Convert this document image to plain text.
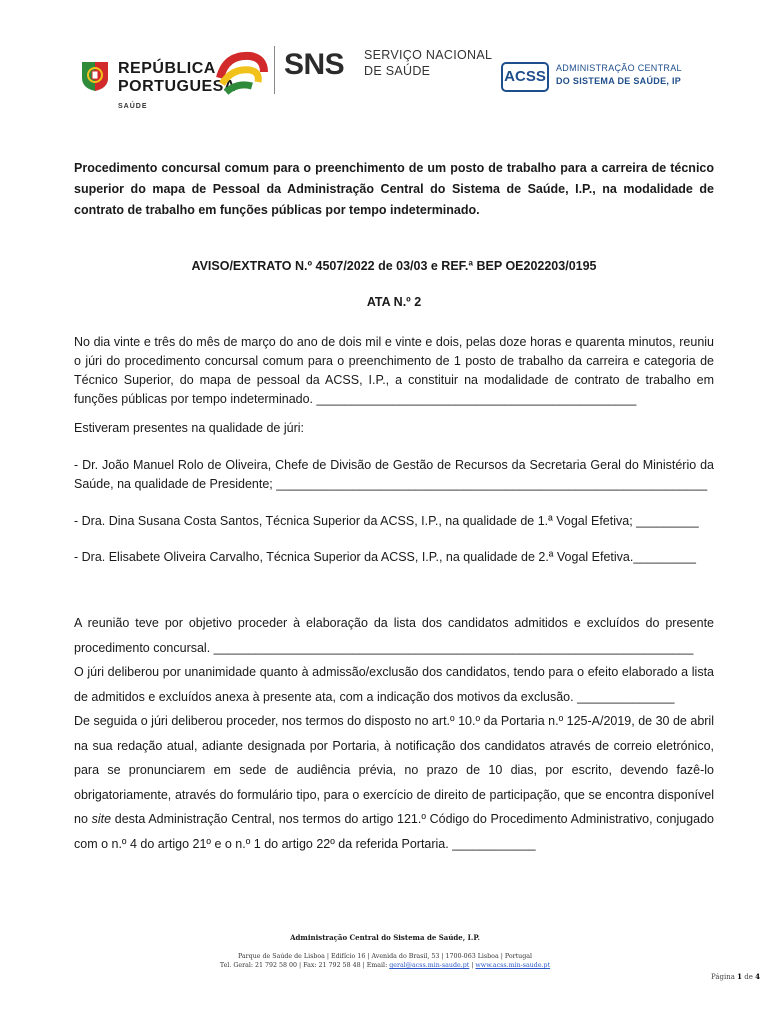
REPÚBLICA
PORTUGUESA
SAÚDE
SNS SERVIÇO NACIONAL
DE SAÚDE	ACSS	ADMINISTRAÇÃO CENTRAL
DO SISTEMA DE SAÚDE, IP

Procedimento concursal comum para o preenchimento de um posto de trabalho para a carreira de técnico superior do mapa de Pessoal da Administração Central do Sistema de Saúde, I.P., na modalidade de contrato de trabalho em funções públicas por tempo indeterminado.

AVISO/EXTRATO N.º 4507/2022 de 03/03 e REF.ª BEP OE202203/0195

ATA N.º 2

No dia vinte e três do mês de março do ano de dois mil e vinte e dois, pelas doze horas e quarenta minutos, reuniu o júri do procedimento concursal comum para o preenchimento de 1 posto de trabalho da carreira e categoria de Técnico Superior, do mapa de pessoal da ACSS, I.P., a constituir na modalidade de contrato de trabalho em funções públicas por tempo indeterminado. ______________________________________________

Estiveram presentes na qualidade de júri:

- Dr. João Manuel Rolo de Oliveira, Chefe de Divisão de Gestão de Recursos da Secretaria Geral do Ministério da Saúde, na qualidade de Presidente; ______________________________________________________________

- Dra. Dina Susana Costa Santos, Técnica Superior da ACSS, I.P., na qualidade de 1.ª Vogal Efetiva; _________

- Dra. Elisabete Oliveira Carvalho, Técnica Superior da ACSS, I.P., na qualidade de 2.ª Vogal Efetiva._________

A reunião teve por objetivo proceder à elaboração da lista dos candidatos admitidos e excluídos do presente procedimento concursal. _____________________________________________________________________

O júri deliberou por unanimidade quanto à admissão/exclusão dos candidatos, tendo para o efeito elaborado a lista de admitidos e excluídos anexa à presente ata, com a indicação dos motivos da exclusão. ______________

De seguida o júri deliberou proceder, nos termos do disposto no art.º 10.º da Portaria n.º 125-A/2019, de 30 de abril na sua redação atual, adiante designada por Portaria, à notificação dos candidatos através de correio eletrónico, para se pronunciarem em sede de audiência prévia, no prazo de 10 dias, por escrito, devendo fazê-lo obrigatoriamente, através do formulário tipo, para o exercício de direito de participação, que se encontra disponível no site desta Administração Central, nos termos do artigo 121.º Código do Procedimento Administrativo, conjugado com o n.º 4 do artigo 21º e o n.º 1 do artigo 22º da referida Portaria. ____________

Administração Central do Sistema de Saúde, I.P.
Parque de Saúde de Lisboa | Edifício 16 | Avenida do Brasil, 53 | 1700-063 Lisboa | Portugal
Tel. Geral: 21 792 58 00 | Fax: 21 792 58 48 | Email: geral@acss.min-saude.pt | www.acss.min-saude.pt
Página 1 de 4
